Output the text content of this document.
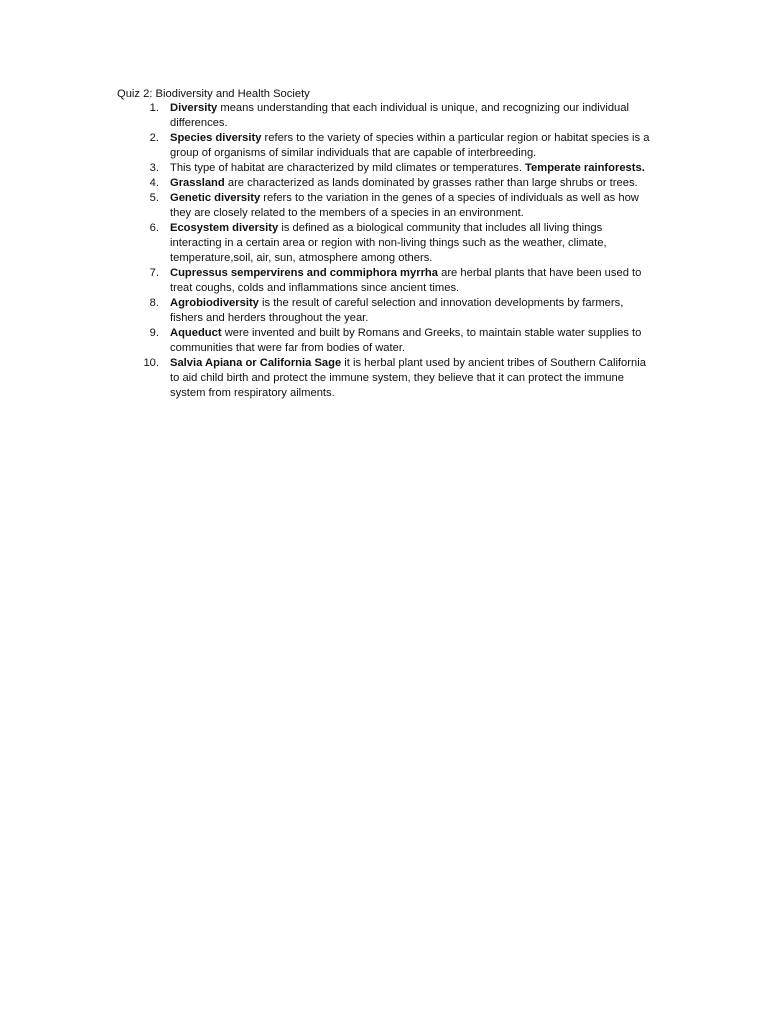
Quiz 2: Biodiversity and Health Society
1. Diversity means understanding that each individual is unique, and recognizing our individual differences.
2. Species diversity refers to the variety of species within a particular region or habitat species is a group of organisms of similar individuals that are capable of interbreeding.
3. This type of habitat are characterized by mild climates or temperatures. Temperate rainforests.
4. Grassland are characterized as lands dominated by grasses rather than large shrubs or trees.
5. Genetic diversity refers to the variation in the genes of a species of individuals as well as how they are closely related to the members of a species in an environment.
6. Ecosystem diversity is defined as a biological community that includes all living things interacting in a certain area or region with non-living things such as the weather, climate, temperature,soil, air, sun, atmosphere among others.
7. Cupressus sempervirens and commiphora myrrha are herbal plants that have been used to treat coughs, colds and inflammations since ancient times.
8. Agrobiodiversity is the result of careful selection and innovation developments by farmers, fishers and herders throughout the year.
9. Aqueduct were invented and built by Romans and Greeks, to maintain stable water supplies to communities that were far from bodies of water.
10. Salvia Apiana or California Sage it is herbal plant used by ancient tribes of Southern California to aid child birth and protect the immune system, they believe that it can protect the immune system from respiratory ailments.
